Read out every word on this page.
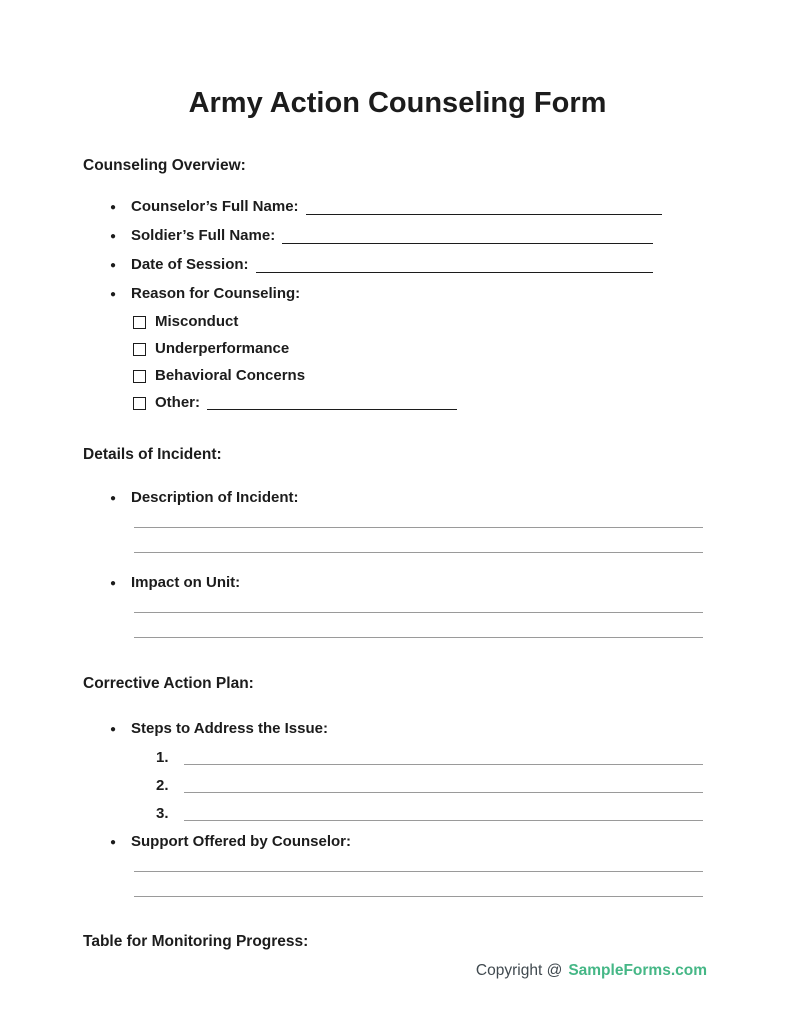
Army Action Counseling Form
Counseling Overview:
●
Counselor’s Full Name:
●
Soldier’s Full Name:
●
Date of Session:
●
Reason for Counseling:
Misconduct
Underperformance
Behavioral Concerns
Other:
Details of Incident:
●
Description of Incident:
●
Impact on Unit:
Corrective Action Plan:
●
Steps to Address the Issue:
1.
2.
3.
●
Support Offered by Counselor:
Table for Monitoring Progress:
Copyright @ SampleForms.com
